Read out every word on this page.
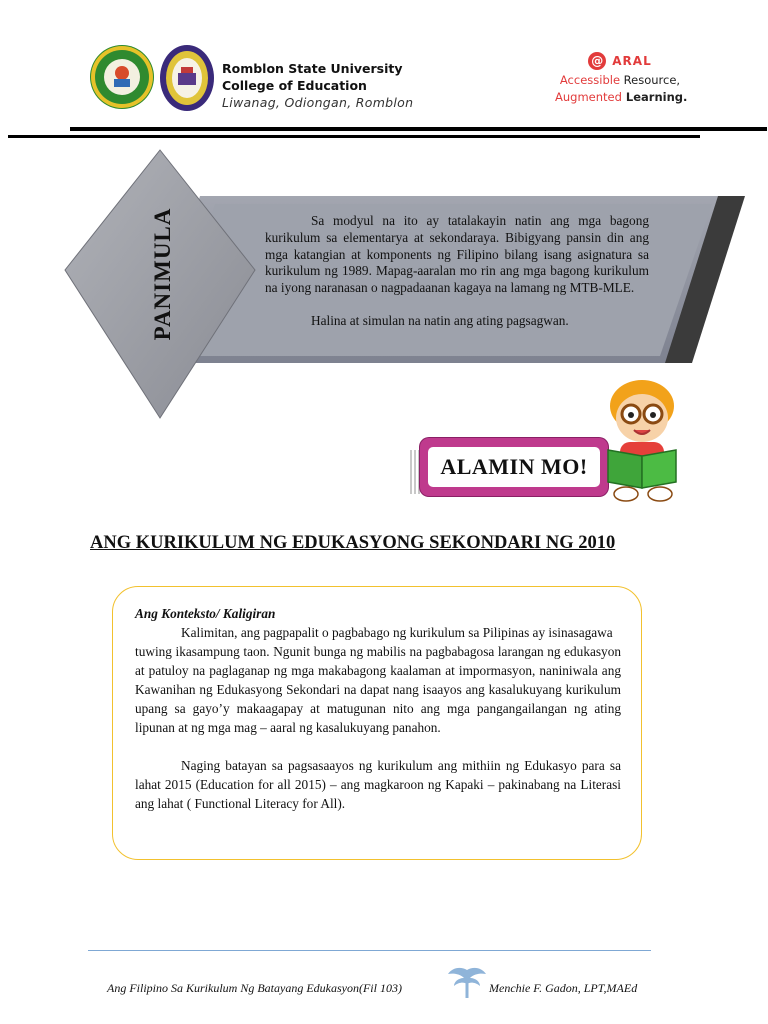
Romblon State University
College of Education
Liwanag, Odiongan, Romblon
@ ARAL
Accessible Resource,
Augmented Learning.
PANIMULA	Sa modyul na ito ay tatalakayin natin ang mga bagong kurikulum sa elementarya at sekondaraya. Bibigyang pansin din ang mga katangian at komponents ng Filipino bilang isang asignatura sa kurikulum ng 1989. Mapag-aaralan mo rin ang mga bagong kurikulum na iyong naranasan o nagpadaanan kagaya na lamang ng MTB-MLE.

Halina at simulan na natin ang ating pagsagwan.

ALAMIN MO!
ANG KURIKULUM NG EDUKASYONG SEKONDARI NG 2010

Ang Konteksto/ Kaligiran

Kalimitan, ang pagpapalit o pagbabago ng kurikulum sa Pilipinas ay isinasagawa

tuwing ikasampung taon. Ngunit bunga ng mabilis na pagbabagosa larangan ng edukasyon at patuloy na paglaganap ng mga makabagong kaalaman at impormasyon, naniniwala ang Kawanihan ng Edukasyong Sekondari na dapat nang isaayos ang kasalukuyang kurikulum upang sa gayo’y makaagapay at matugunan nito ang mga pangangailangan ng ating lipunan at ng mga mag – aaral ng kasalukuyang panahon.

Naging batayan sa pagsasaayos ng kurikulum ang mithiin ng Edukasyo para sa lahat 2015 (Education for all 2015) – ang magkaroon ng Kapaki – pakinabang na Literasi ang lahat ( Functional Literacy for All).

Ang Filipino Sa Kurikulum Ng Batayang Edukasyon(Fil 103)	Menchie F. Gadon, LPT,MAEd
